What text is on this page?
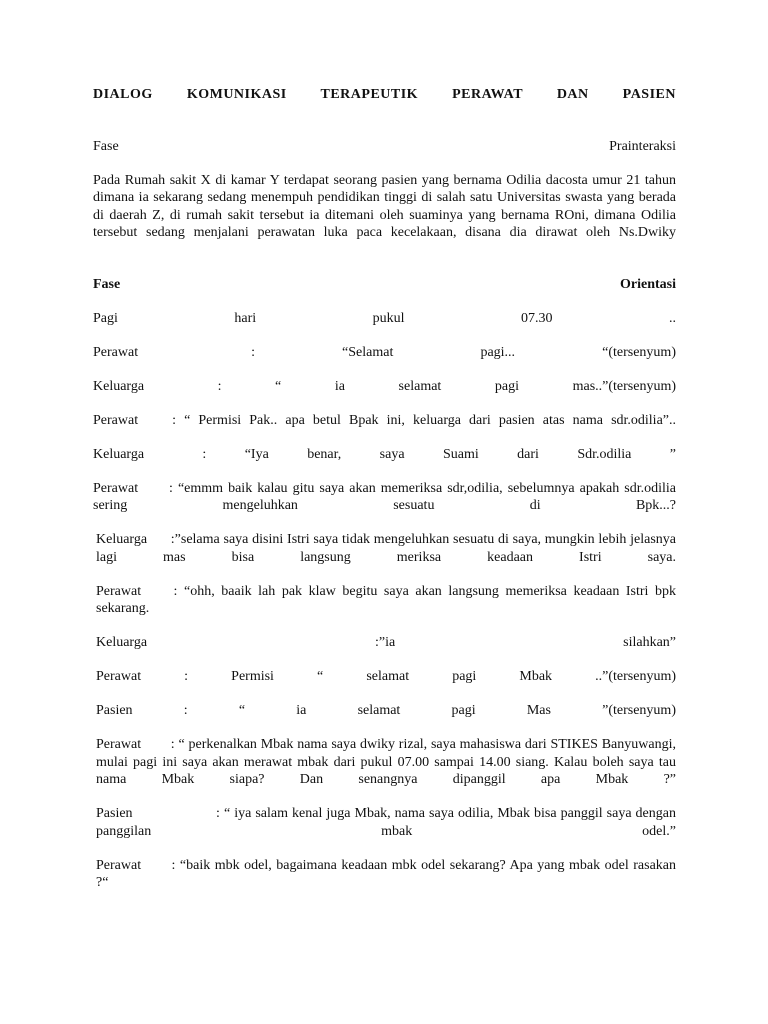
DIALOG KOMUNIKASI TERAPEUTIK PERAWAT DAN PASIEN

Fase	Prainteraksi

Pada Rumah sakit X di kamar Y terdapat seorang pasien yang bernama Odilia dacosta umur 21 tahun dimana ia sekarang sedang menempuh pendidikan tinggi di salah satu Universitas swasta yang berada di daerah Z, di rumah sakit tersebut ia ditemani oleh suaminya yang bernama ROni, dimana Odilia tersebut sedang menjalani perawatan luka paca kecelakaan, disana dia dirawat oleh Ns.Dwiky

Fase	Orientasi

Pagi hari pukul 07.30 ..

Perawat : “Selamat pagi... “(tersenyum)

Keluarga : “ ia selamat pagi mas..”(tersenyum)

Perawat : “ Permisi Pak.. apa betul Bpak ini, keluarga dari pasien atas nama sdr.odilia”..

Keluarga : “Iya benar, saya Suami dari Sdr.odilia ”

Perawat : “emmm baik kalau gitu saya akan memeriksa sdr,odilia, sebelumnya apakah sdr.odilia sering mengeluhkan sesuatu di Bpk...?

Keluarga :”selama saya disini Istri saya tidak mengeluhkan sesuatu di saya, mungkin lebih jelasnya lagi mas bisa langsung meriksa keadaan Istri saya.

Perawat : “ohh, baaik lah pak klaw begitu saya akan langsung memeriksa keadaan Istri bpk sekarang.

Keluarga :”ia silahkan”

Perawat : Permisi “ selamat pagi Mbak ..”(tersenyum)

Pasien : “ ia selamat pagi Mas ”(tersenyum)

Perawat : “ perkenalkan Mbak nama saya dwiky rizal, saya mahasiswa dari STIKES Banyuwangi, mulai pagi ini saya akan merawat mbak dari pukul 07.00 sampai 14.00 siang. Kalau boleh saya tau nama Mbak siapa? Dan senangnya dipanggil apa Mbak ?”

Pasien	: “ iya salam kenal juga Mbak, nama saya odilia, Mbak bisa panggil saya dengan panggilan mbak odel.”

Perawat : “baik mbk odel, bagaimana keadaan mbk odel sekarang? Apa yang mbak odel rasakan ?“
